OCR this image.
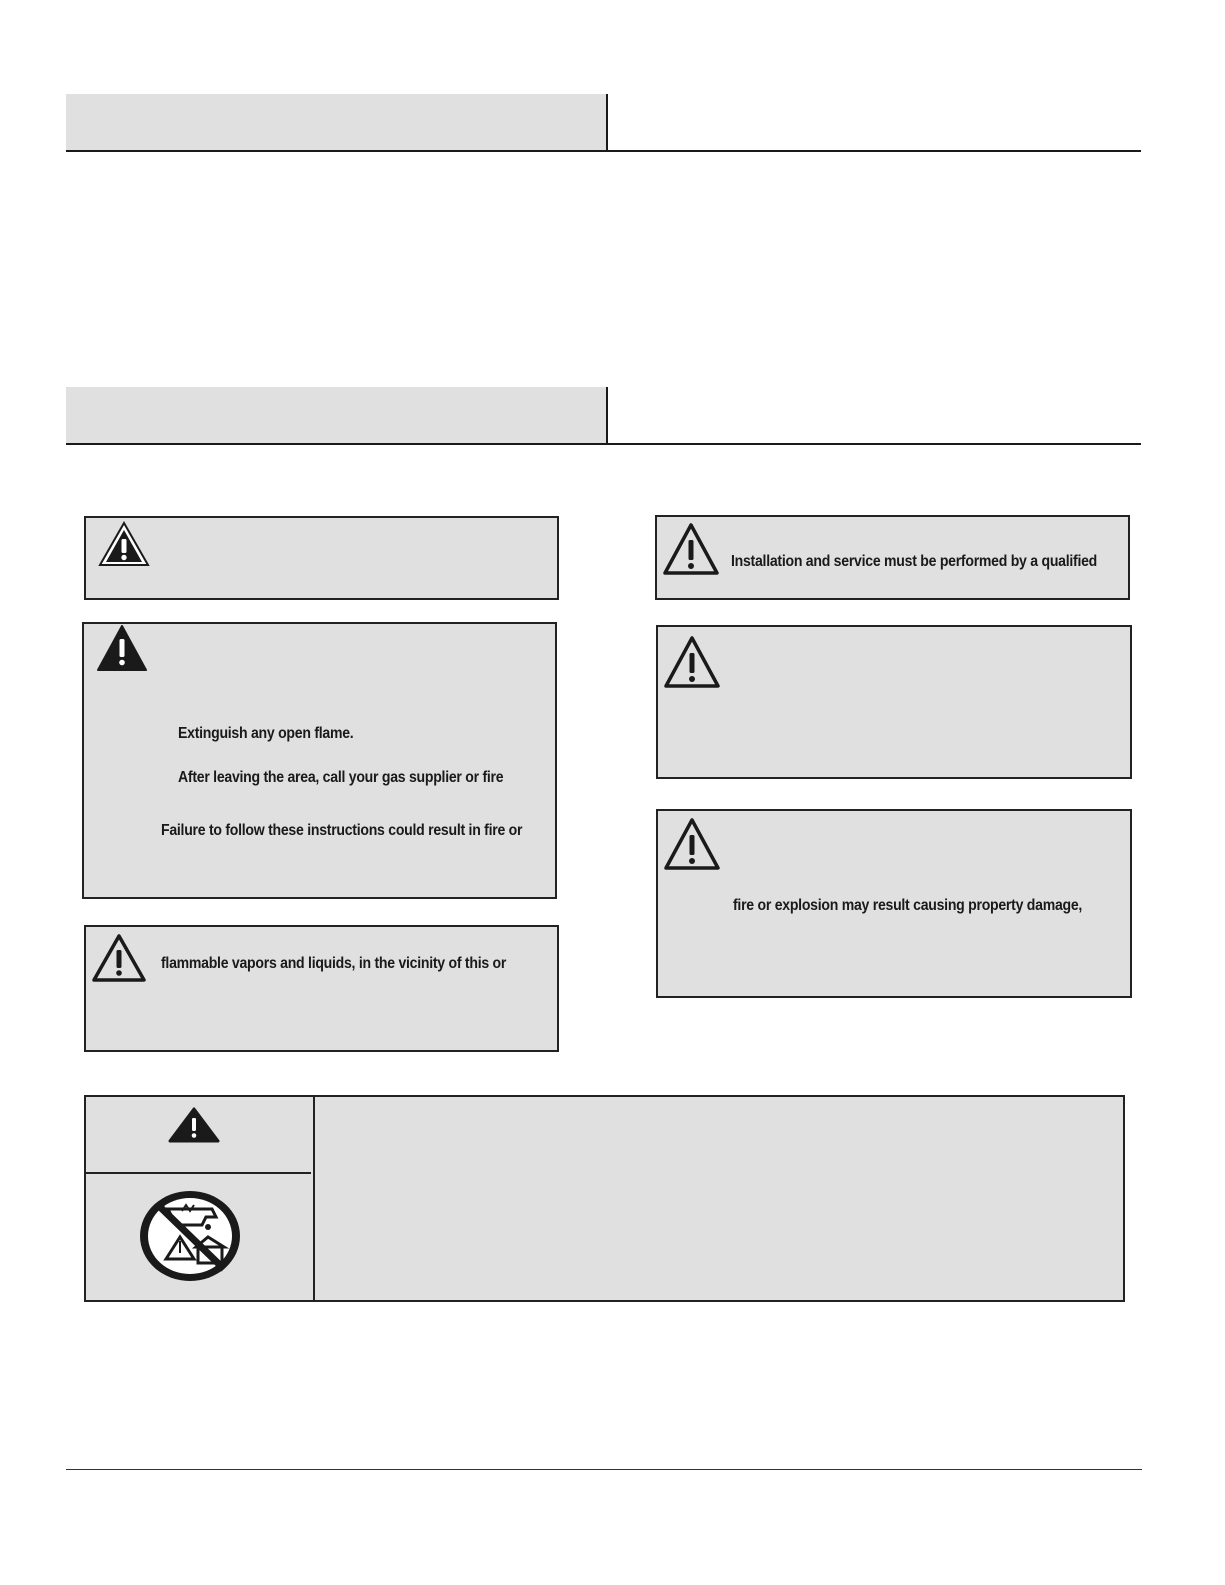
Extinguish any open flame.
After leaving the area, call your gas supplier or fire
Failure to follow these instructions could result in fire or
flammable vapors and liquids, in the vicinity of this or
Installation and service must be performed by a qualified
fire or explosion may result causing property damage,
